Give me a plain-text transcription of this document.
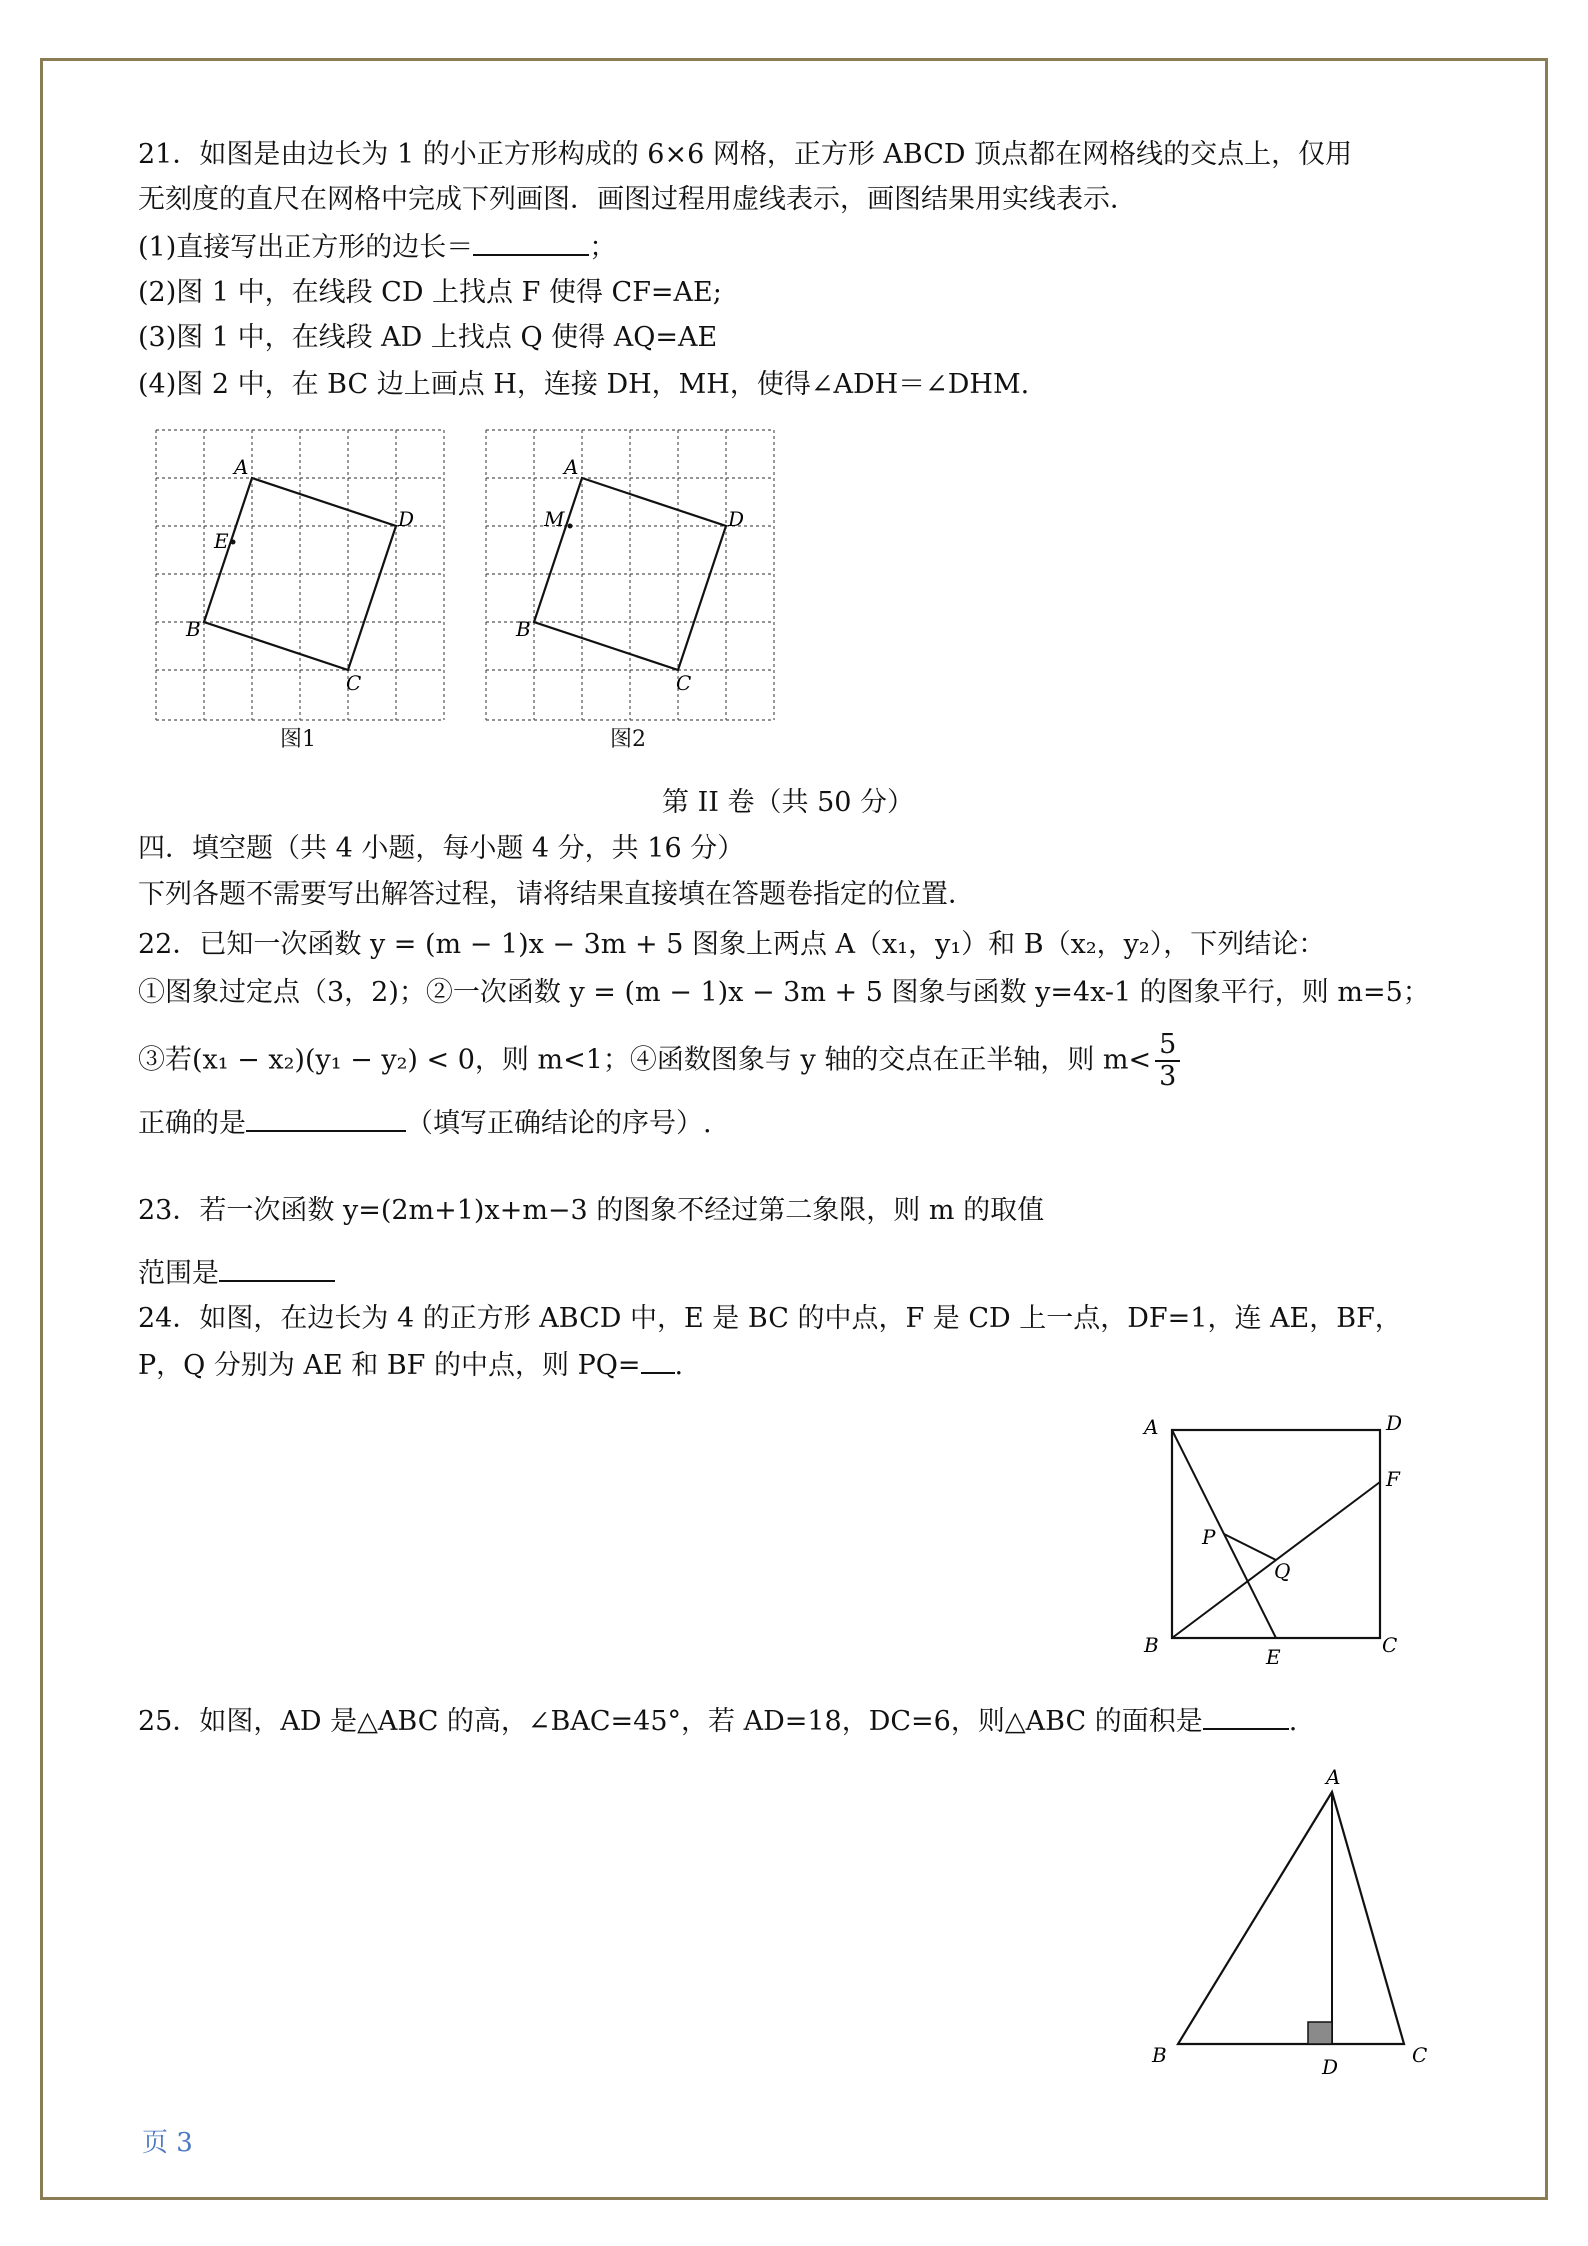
21．如图是由边长为 1 的小正方形构成的 6×6 网格，正方形 ABCD 顶点都在网格线的交点上，仅用
无刻度的直尺在网格中完成下列画图．画图过程用虚线表示，画图结果用实线表示．
(1)直接写出正方形的边长＝	；
(2)图 1 中，在线段 CD 上找点 F 使得 CF=AE;
(3)图 1 中，在线段 AD 上找点 Q 使得 AQ=AE
(4)图 2 中，在 BC 边上画点 H，连接 DH，MH，使得∠ADH＝∠DHM.
A
D
E
B
C
图1
A
D
M
B
C
图2
第 II 卷（共 50 分）
四．填空题（共 4 小题，每小题 4 分，共 16 分）
下列各题不需要写出解答过程，请将结果直接填在答题卷指定的位置．
22．已知一次函数 y = (m − 1)x − 3m + 5 图象上两点 A（x₁，y₁）和 B（x₂，y₂），下列结论：
①图象过定点（3，2)；②一次函数 y = (m − 1)x − 3m + 5 图象与函数 y=4x-1 的图象平行，则 m=5；
③若(x₁ − x₂)(y₁ − y₂) < 0，则 m<1；④函数图象与 y 轴的交点在正半轴，则 $m< \frac{5}{3}$
正确的是	（填写正确结论的序号）.
23．若一次函数 y=(2m+1)x+m−3 的图象不经过第二象限，则 m 的取值
范围是
24．如图，在边长为 4 的正方形 ABCD 中，E 是 BC 的中点，F 是 CD 上一点，DF=1，连 AE，BF，
P，Q 分别为 AE 和 BF 的中点，则 PQ= .
A	D
F
P
Q
B	E	C
25．如图，AD 是△ABC 的高，∠BAC=45°，若 AD=18，DC=6，则△ABC 的面积是	.
A
B	D	C
页 3
